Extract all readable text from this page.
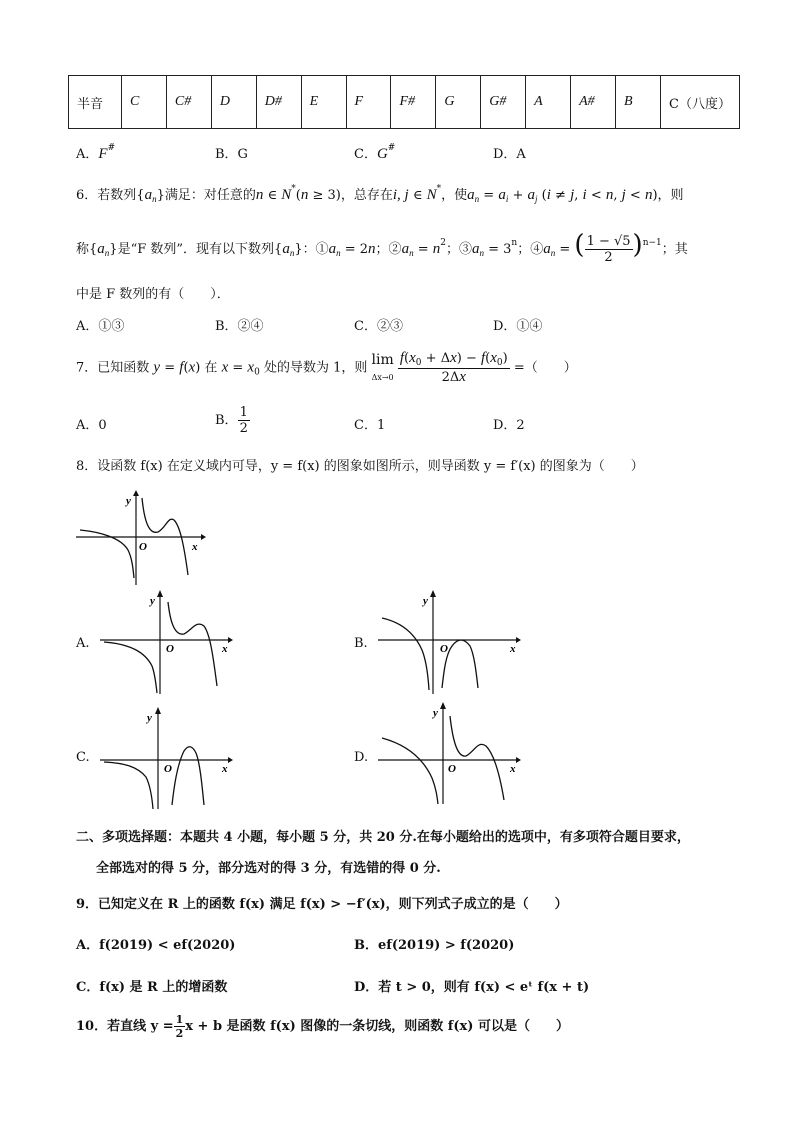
半音	C	C#	D	D#	E	F	F#	G	G#	A	A#	B	C（八度）
A．F#	B．G	C．G#	D．A
6．若数列$\{a_n\}$满足：对任意的n ∈ N*(n ≥ 3)，总存在i, j ∈ N*，使$a_n = a_i + a_j$ (i ≠ j, i < n, j < n)，则
称$\{a_n\}$是“F 数列”．现有以下数列$\{a_n\}$：$①a_n = 2n$；$②a_n = n^2$；$③a_n = 3^n$；$④a_n$ = ( $\frac{1 - √5}{2} )^{n-1}$；其
中是 F 数列的有（　　）．
A．①③	B．②④	C．②③	D．①④
7．已知函数 y = f(x) 在 $x = x_0$ 处的导数为 1，则 lim
$\Delta x\to 0 \frac{f(x_0 + \Delta x) - f(x_0)}{2\Delta x}$ =（　　）
A．0	B． $\frac{1}{2}$	C．1	D．2
8．设函数 f(x) 在定义域内可导，y = f(x) 的图象如图所示，则导函数 y = f′(x) 的图象为（　　）
y
x
O
A.
y
x
O	B.
y
x
O
C.
y
x
O
D.
y
x
O
二、多项选择题：本题共 4 小题，每小题 5 分，共 20 分.在每小题给出的选项中，有多项符合题目要求，
全部选对的得 5 分，部分选对的得 3 分，有选错的得 0 分.
9．已知定义在 R 上的函数 f(x) 满足 f(x) > −f′(x)，则下列式子成立的是（　　）
A．f(2019) < ef(2020)	B．ef(2019) > f(2020)
C．f(x) 是 R 上的增函数	D．若 t > 0，则有 f(x) < eᵗ f(x + t)
10．若直线 $y = \frac{1}{2}$ x + b 是函数 f(x) 图像的一条切线，则函数 f(x) 可以是（　　）
